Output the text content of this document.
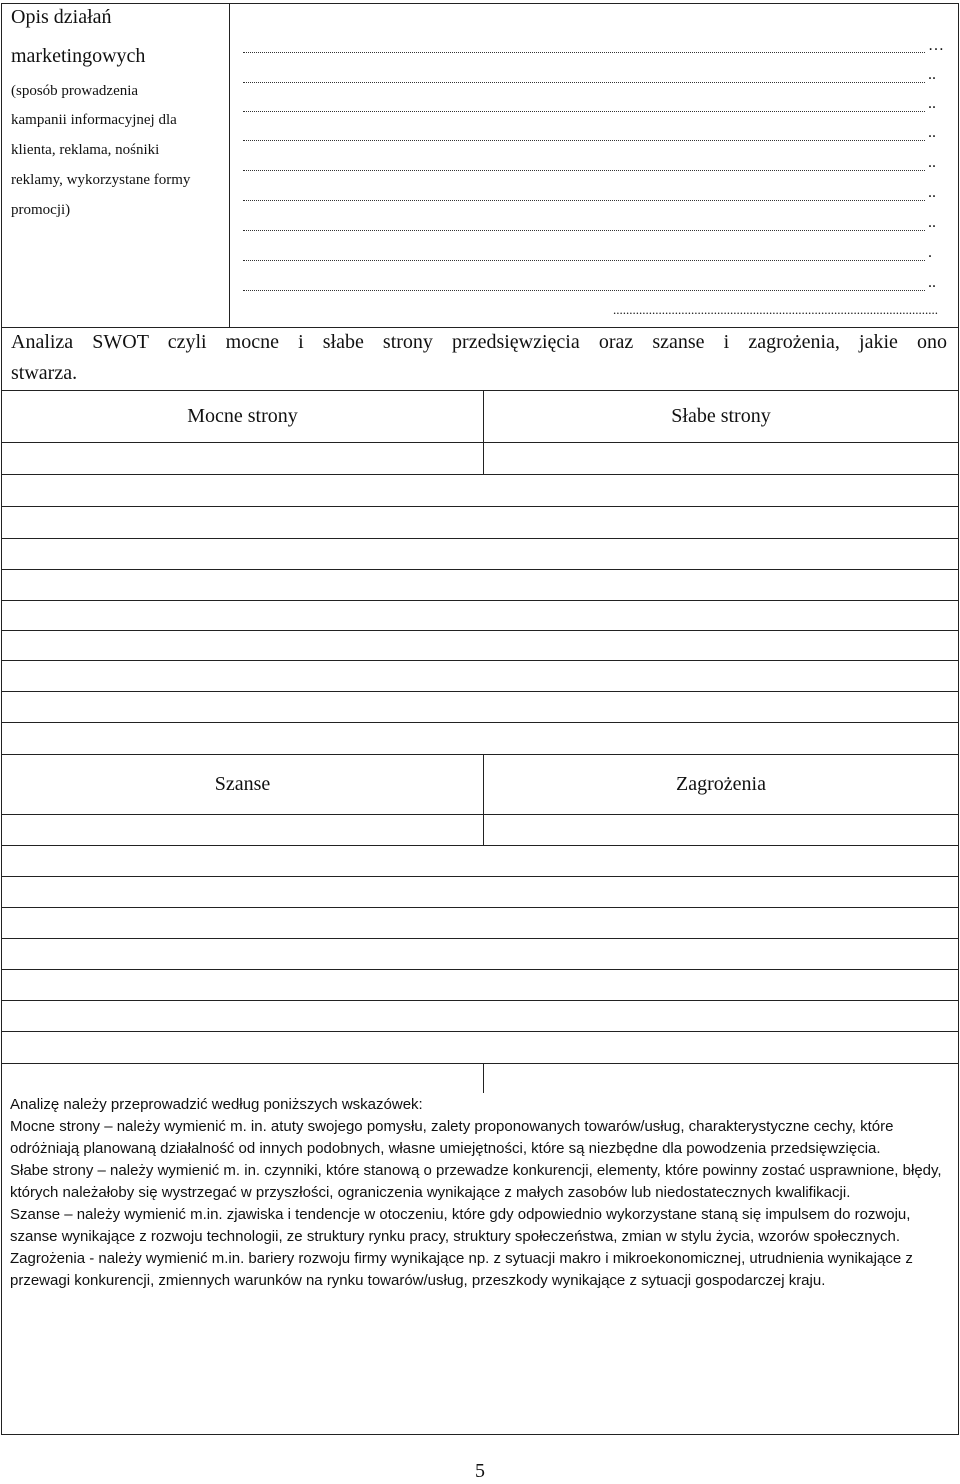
Opis działań
marketingowych
(sposób prowadzenia
kampanii informacyjnej dla
klienta, reklama, nośniki
reklamy, wykorzystane formy
promocji)
…
..
..
..
..
..
..
.
..
....................................................................................................
Analiza SWOT czyli mocne i słabe strony przedsięwzięcia oraz szanse i zagrożenia, jakie ono
stwarza.
Mocne strony	Słabe strony
Szanse	Zagrożenia

Analizę należy przeprowadzić według poniższych wskazówek:

Mocne strony – należy wymienić m. in. atuty swojego pomysłu, zalety proponowanych towarów/usług, charakterystyczne cechy, które odróżniają planowaną działalność od innych podobnych, własne umiejętności, które są niezbędne dla powodzenia przedsięwzięcia.

Słabe strony – należy wymienić m. in. czynniki, które stanową o przewadze konkurencji, elementy, które powinny zostać usprawnione, błędy, których należałoby się wystrzegać w przyszłości, ograniczenia wynikające z małych zasobów lub niedostatecznych kwalifikacji.

Szanse – należy wymienić m.in. zjawiska i tendencje w otoczeniu, które gdy odpowiednio wykorzystane staną się impulsem do rozwoju, szanse wynikające z rozwoju technologii, ze struktury rynku pracy, struktury społeczeństwa, zmian w stylu życia, wzorów społecznych.

Zagrożenia - należy wymienić m.in. bariery rozwoju firmy wynikające np. z sytuacji makro i mikroekonomicznej, utrudnienia wynikające z przewagi konkurencji, zmiennych warunków na rynku towarów/usług, przeszkody wynikające z sytuacji gospodarczej kraju.

5
